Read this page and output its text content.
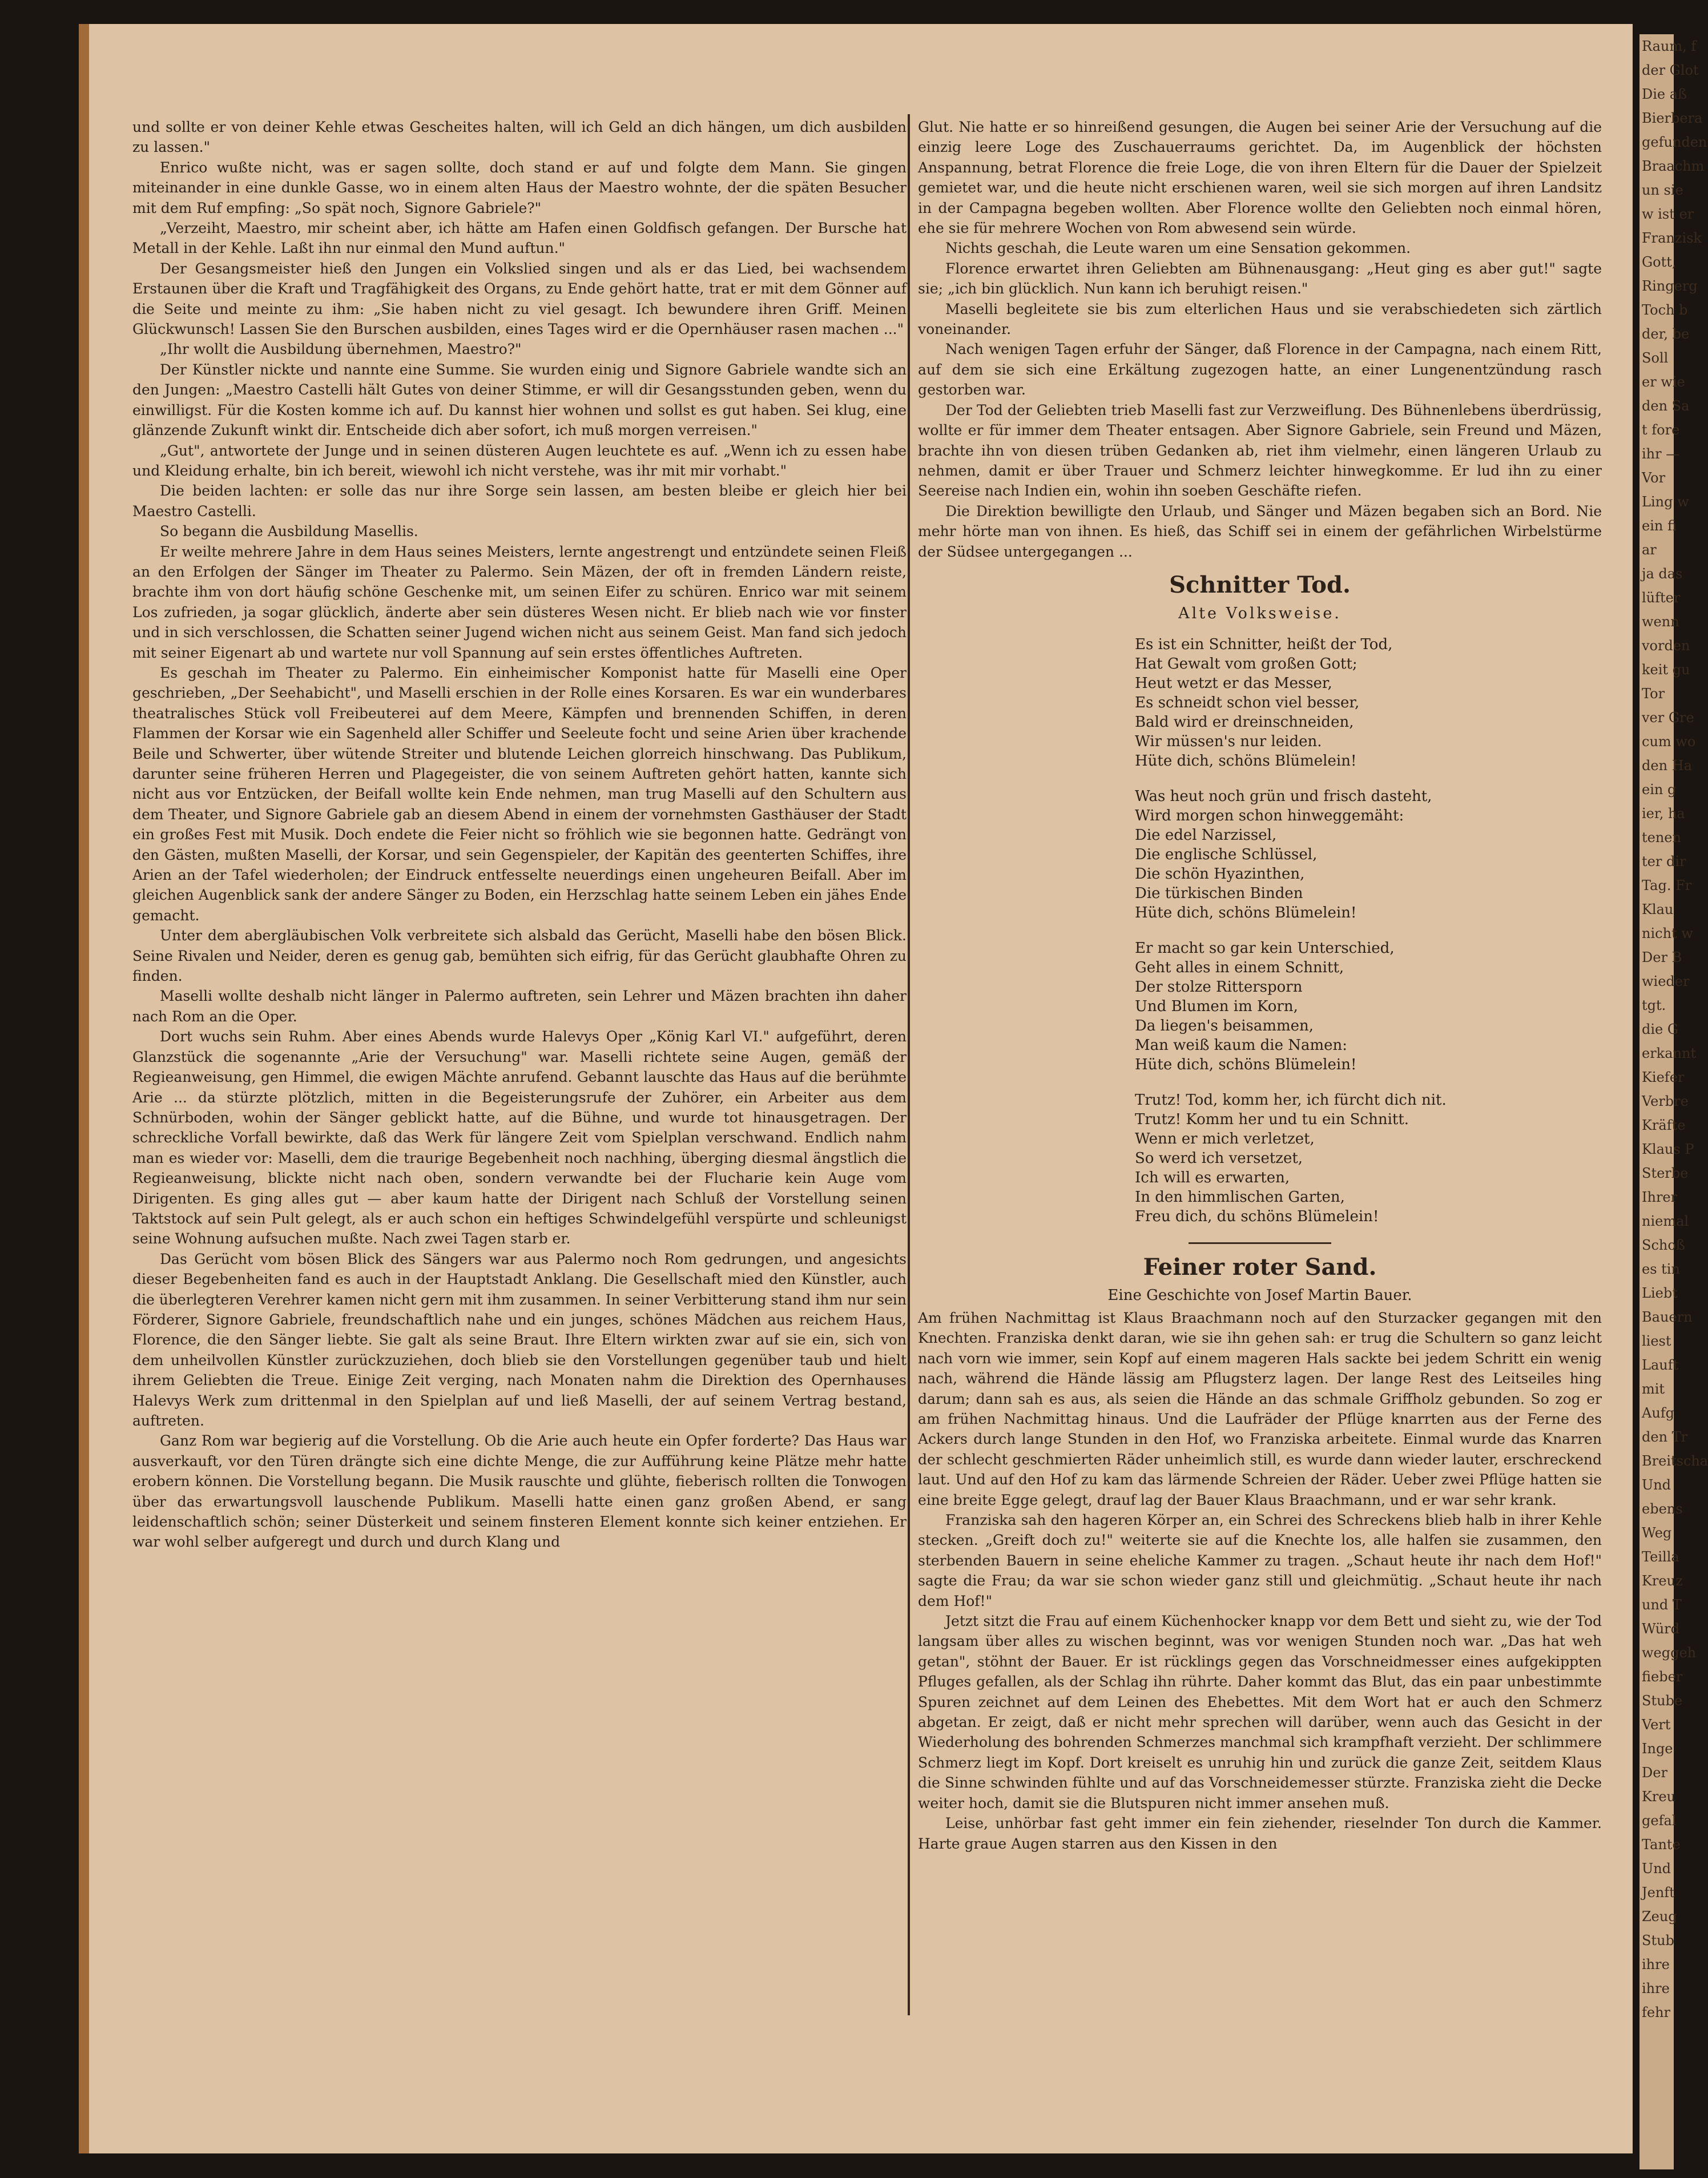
Raum, f
der Glot
Die aß
Bierbera
gefunden
Braachm
un sie
w ist er
Franzisk
Gott,
Ringerg
Toch b
der, be
Soll
er wie
den Sa
t fore
ihr —
Vor
Ling w
ein fi
ar
ja das
lüfter
wenn
vorden
keit gu
Tor
ver Gre
cum wo
den Ha
ein g
ier, ha
tenen
ter dir
Tag. Fr
Klau
nicht w
Der B
wieder
tgt.
die G
erkannt
Kiefer
Verbre
Kräfte
Klaus P
Sterbe
Ihrer
niemal
Schoß
es tin
Liebt
Bauern
liest
Lauft
mit
Aufg
den Tr
Breitscha
Und
ebens
Weg
Teilla
Kreuz
und T
Würd
weggeh
fieber
Stube
Vert
Inge
Der
Kreu
gefal
Tante
Und
Jenft
Zeug
Stub
ihre
ihre
fehr

und sollte er von deiner Kehle etwas Gescheites halten, will ich Geld an dich hängen, um dich ausbilden zu lassen."

Enrico wußte nicht, was er sagen sollte, doch stand er auf und folgte dem Mann. Sie gingen miteinander in eine dunkle Gasse, wo in einem alten Haus der Maestro wohnte, der die späten Besucher mit dem Ruf empfing: „So spät noch, Signore Gabriele?"

„Verzeiht, Maestro, mir scheint aber, ich hätte am Hafen einen Goldfisch gefangen. Der Bursche hat Metall in der Kehle. Laßt ihn nur einmal den Mund auftun."

Der Gesangsmeister hieß den Jungen ein Volkslied singen und als er das Lied, bei wachsendem Erstaunen über die Kraft und Tragfähigkeit des Organs, zu Ende gehört hatte, trat er mit dem Gönner auf die Seite und meinte zu ihm: „Sie haben nicht zu viel gesagt. Ich bewundere ihren Griff. Meinen Glückwunsch! Lassen Sie den Burschen ausbilden, eines Tages wird er die Opernhäuser rasen machen ..."

„Ihr wollt die Ausbildung übernehmen, Maestro?"

Der Künstler nickte und nannte eine Summe. Sie wurden einig und Signore Gabriele wandte sich an den Jungen: „Maestro Castelli hält Gutes von deiner Stimme, er will dir Gesangsstunden geben, wenn du einwilligst. Für die Kosten komme ich auf. Du kannst hier wohnen und sollst es gut haben. Sei klug, eine glänzende Zukunft winkt dir. Entscheide dich aber sofort, ich muß morgen verreisen."

„Gut", antwortete der Junge und in seinen düsteren Augen leuchtete es auf. „Wenn ich zu essen habe und Kleidung erhalte, bin ich bereit, wiewohl ich nicht verstehe, was ihr mit mir vorhabt."

Die beiden lachten: er solle das nur ihre Sorge sein lassen, am besten bleibe er gleich hier bei Maestro Castelli.

So begann die Ausbildung Masellis.

Er weilte mehrere Jahre in dem Haus seines Meisters, lernte angestrengt und entzündete seinen Fleiß an den Erfolgen der Sänger im Theater zu Palermo. Sein Mäzen, der oft in fremden Ländern reiste, brachte ihm von dort häufig schöne Geschenke mit, um seinen Eifer zu schüren. Enrico war mit seinem Los zufrieden, ja sogar glücklich, änderte aber sein düsteres Wesen nicht. Er blieb nach wie vor finster und in sich verschlossen, die Schatten seiner Jugend wichen nicht aus seinem Geist. Man fand sich jedoch mit seiner Eigenart ab und wartete nur voll Spannung auf sein erstes öffentliches Auftreten.

Es geschah im Theater zu Palermo. Ein einheimischer Komponist hatte für Maselli eine Oper geschrieben, „Der Seehabicht", und Maselli erschien in der Rolle eines Korsaren. Es war ein wunderbares theatralisches Stück voll Freibeuterei auf dem Meere, Kämpfen und brennenden Schiffen, in deren Flammen der Korsar wie ein Sagenheld aller Schiffer und Seeleute focht und seine Arien über krachende Beile und Schwerter, über wütende Streiter und blutende Leichen glorreich hinschwang. Das Publikum, darunter seine früheren Herren und Plagegeister, die von seinem Auftreten gehört hatten, kannte sich nicht aus vor Entzücken, der Beifall wollte kein Ende nehmen, man trug Maselli auf den Schultern aus dem Theater, und Signore Gabriele gab an diesem Abend in einem der vornehmsten Gasthäuser der Stadt ein großes Fest mit Musik. Doch endete die Feier nicht so fröhlich wie sie begonnen hatte. Gedrängt von den Gästen, mußten Maselli, der Korsar, und sein Gegenspieler, der Kapitän des geenterten Schiffes, ihre Arien an der Tafel wiederholen; der Eindruck entfesselte neuerdings einen ungeheuren Beifall. Aber im gleichen Augenblick sank der andere Sänger zu Boden, ein Herzschlag hatte seinem Leben ein jähes Ende gemacht.

Unter dem abergläubischen Volk verbreitete sich alsbald das Gerücht, Maselli habe den bösen Blick. Seine Rivalen und Neider, deren es genug gab, bemühten sich eifrig, für das Gerücht glaubhafte Ohren zu finden.

Maselli wollte deshalb nicht länger in Palermo auftreten, sein Lehrer und Mäzen brachten ihn daher nach Rom an die Oper.

Dort wuchs sein Ruhm. Aber eines Abends wurde Halevys Oper „König Karl VI." aufgeführt, deren Glanzstück die sogenannte „Arie der Versuchung" war. Maselli richtete seine Augen, gemäß der Regieanweisung, gen Himmel, die ewigen Mächte anrufend. Gebannt lauschte das Haus auf die berühmte Arie ... da stürzte plötzlich, mitten in die Begeisterungsrufe der Zuhörer, ein Arbeiter aus dem Schnürboden, wohin der Sänger geblickt hatte, auf die Bühne, und wurde tot hinausgetragen. Der schreckliche Vorfall bewirkte, daß das Werk für längere Zeit vom Spielplan verschwand. Endlich nahm man es wieder vor: Maselli, dem die traurige Begebenheit noch nachhing, überging diesmal ängstlich die Regieanweisung, blickte nicht nach oben, sondern verwandte bei der Flucharie kein Auge vom Dirigenten. Es ging alles gut — aber kaum hatte der Dirigent nach Schluß der Vorstellung seinen Taktstock auf sein Pult gelegt, als er auch schon ein heftiges Schwindelgefühl verspürte und schleunigst seine Wohnung aufsuchen mußte. Nach zwei Tagen starb er.

Das Gerücht vom bösen Blick des Sängers war aus Palermo noch Rom gedrungen, und angesichts dieser Begebenheiten fand es auch in der Hauptstadt Anklang. Die Gesellschaft mied den Künstler, auch die überlegteren Verehrer kamen nicht gern mit ihm zusammen. In seiner Verbitterung stand ihm nur sein Förderer, Signore Gabriele, freundschaftlich nahe und ein junges, schönes Mädchen aus reichem Haus, Florence, die den Sänger liebte. Sie galt als seine Braut. Ihre Eltern wirkten zwar auf sie ein, sich von dem unheilvollen Künstler zurückzuziehen, doch blieb sie den Vorstellungen gegenüber taub und hielt ihrem Geliebten die Treue. Einige Zeit verging, nach Monaten nahm die Direktion des Opernhauses Halevys Werk zum drittenmal in den Spielplan auf und ließ Maselli, der auf seinem Vertrag bestand, auftreten.

Ganz Rom war begierig auf die Vorstellung. Ob die Arie auch heute ein Opfer forderte? Das Haus war ausverkauft, vor den Türen drängte sich eine dichte Menge, die zur Aufführung keine Plätze mehr hatte erobern können. Die Vorstellung begann. Die Musik rauschte und glühte, fieberisch rollten die Tonwogen über das erwartungsvoll lauschende Publikum. Maselli hatte einen ganz großen Abend, er sang leidenschaftlich schön; seiner Düsterkeit und seinem finsteren Element konnte sich keiner entziehen. Er war wohl selber aufgeregt und durch und durch Klang und

Glut. Nie hatte er so hinreißend gesungen, die Augen bei seiner Arie der Versuchung auf die einzig leere Loge des Zuschauerraums gerichtet. Da, im Augenblick der höchsten Anspannung, betrat Florence die freie Loge, die von ihren Eltern für die Dauer der Spielzeit gemietet war, und die heute nicht erschienen waren, weil sie sich morgen auf ihren Landsitz in der Campagna begeben wollten. Aber Florence wollte den Geliebten noch einmal hören, ehe sie für mehrere Wochen von Rom abwesend sein würde.

Nichts geschah, die Leute waren um eine Sensation gekommen.

Florence erwartet ihren Geliebten am Bühnenausgang: „Heut ging es aber gut!" sagte sie; „ich bin glücklich. Nun kann ich beruhigt reisen."

Maselli begleitete sie bis zum elterlichen Haus und sie verabschiedeten sich zärtlich voneinander.

Nach wenigen Tagen erfuhr der Sänger, daß Florence in der Campagna, nach einem Ritt, auf dem sie sich eine Erkältung zugezogen hatte, an einer Lungenentzündung rasch gestorben war.

Der Tod der Geliebten trieb Maselli fast zur Verzweiflung. Des Bühnenlebens überdrüssig, wollte er für immer dem Theater entsagen. Aber Signore Gabriele, sein Freund und Mäzen, brachte ihn von diesen trüben Gedanken ab, riet ihm vielmehr, einen längeren Urlaub zu nehmen, damit er über Trauer und Schmerz leichter hinwegkomme. Er lud ihn zu einer Seereise nach Indien ein, wohin ihn soeben Geschäfte riefen.

Die Direktion bewilligte den Urlaub, und Sänger und Mäzen begaben sich an Bord. Nie mehr hörte man von ihnen. Es hieß, das Schiff sei in einem der gefährlichen Wirbelstürme der Südsee untergegangen ...

Schnitter Tod.
Alte Volksweise.
Es ist ein Schnitter, heißt der Tod,
Hat Gewalt vom großen Gott;
Heut wetzt er das Messer,
Es schneidt schon viel besser,
Bald wird er dreinschneiden,
Wir müssen's nur leiden.
Hüte dich, schöns Blümelein!
Was heut noch grün und frisch dasteht,
Wird morgen schon hinweggemäht:
Die edel Narzissel,
Die englische Schlüssel,
Die schön Hyazinthen,
Die türkischen Binden
Hüte dich, schöns Blümelein!
Er macht so gar kein Unterschied,
Geht alles in einem Schnitt,
Der stolze Rittersporn
Und Blumen im Korn,
Da liegen's beisammen,
Man weiß kaum die Namen:
Hüte dich, schöns Blümelein!
Trutz! Tod, komm her, ich fürcht dich nit.
Trutz! Komm her und tu ein Schnitt.
Wenn er mich verletzet,
So werd ich versetzet,
Ich will es erwarten,
In den himmlischen Garten,
Freu dich, du schöns Blümelein!
Feiner roter Sand.
Eine Geschichte von Josef Martin Bauer.

Am frühen Nachmittag ist Klaus Braachmann noch auf den Sturzacker gegangen mit den Knechten. Franziska denkt daran, wie sie ihn gehen sah: er trug die Schultern so ganz leicht nach vorn wie immer, sein Kopf auf einem mageren Hals sackte bei jedem Schritt ein wenig nach, während die Hände lässig am Pflugsterz lagen. Der lange Rest des Leitseiles hing darum; dann sah es aus, als seien die Hände an das schmale Griffholz gebunden. So zog er am frühen Nachmittag hinaus. Und die Laufräder der Pflüge knarrten aus der Ferne des Ackers durch lange Stunden in den Hof, wo Franziska arbeitete. Einmal wurde das Knarren der schlecht geschmierten Räder unheimlich still, es wurde dann wieder lauter, erschreckend laut. Und auf den Hof zu kam das lärmende Schreien der Räder. Ueber zwei Pflüge hatten sie eine breite Egge gelegt, drauf lag der Bauer Klaus Braachmann, und er war sehr krank.

Franziska sah den hageren Körper an, ein Schrei des Schreckens blieb halb in ihrer Kehle stecken. „Greift doch zu!" weiterte sie auf die Knechte los, alle halfen sie zusammen, den sterbenden Bauern in seine eheliche Kammer zu tragen. „Schaut heute ihr nach dem Hof!" sagte die Frau; da war sie schon wieder ganz still und gleichmütig. „Schaut heute ihr nach dem Hof!"

Jetzt sitzt die Frau auf einem Küchenhocker knapp vor dem Bett und sieht zu, wie der Tod langsam über alles zu wischen beginnt, was vor wenigen Stunden noch war. „Das hat weh getan", stöhnt der Bauer. Er ist rücklings gegen das Vorschneidmesser eines aufgekippten Pfluges gefallen, als der Schlag ihn rührte. Daher kommt das Blut, das ein paar unbestimmte Spuren zeichnet auf dem Leinen des Ehebettes. Mit dem Wort hat er auch den Schmerz abgetan. Er zeigt, daß er nicht mehr sprechen will darüber, wenn auch das Gesicht in der Wiederholung des bohrenden Schmerzes manchmal sich krampfhaft verzieht. Der schlimmere Schmerz liegt im Kopf. Dort kreiselt es unruhig hin und zurück die ganze Zeit, seitdem Klaus die Sinne schwinden fühlte und auf das Vorschneidemesser stürzte. Franziska zieht die Decke weiter hoch, damit sie die Blutspuren nicht immer ansehen muß.

Leise, unhörbar fast geht immer ein fein ziehender, rieselnder Ton durch die Kammer. Harte graue Augen starren aus den Kissen in den
